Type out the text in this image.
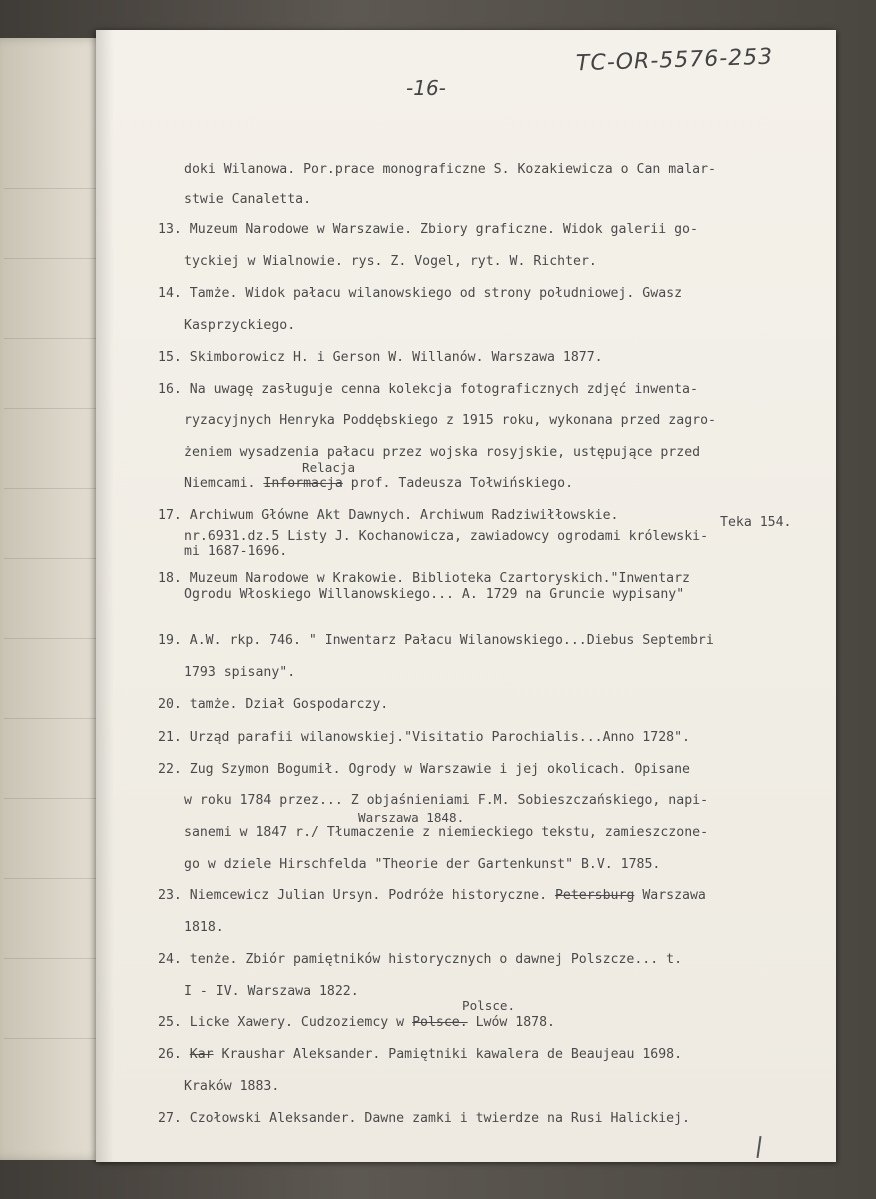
TC-OR-5576-253
-16-
doki Wilanowa. Por.prace monograficzne S. Kozakiewicza o Can malar-
stwie Canaletta.
13. Muzeum Narodowe w Warszawie. Zbiory graficzne. Widok galerii go-
tyckiej w Wialnowie. rys. Z. Vogel, ryt. W. Richter.
14. Tamże. Widok pałacu wilanowskiego od strony południowej. Gwasz
Kasprzyckiego.
15. Skimborowicz H. i Gerson W. Willanów. Warszawa 1877.
16. Na uwagę zasługuje cenna kolekcja fotograficznych zdjęć inwenta-
ryzacyjnych Henryka Poddębskiego z 1915 roku, wykonana przed zagro-
żeniem wysadzenia pałacu przez wojska rosyjskie, ustępujące przed
Relacja
Niemcami. Informacja prof. Tadeusza Tołwińskiego.
17. Archiwum Główne Akt Dawnych. Archiwum Radziwiłłowskie.	Teka 154.
nr.6931.dz.5 Listy J. Kochanowicza, zawiadowcy ogrodami królewski-
mi 1687-1696.
18. Muzeum Narodowe w Krakowie. Biblioteka Czartoryskich."Inwentarz
Ogrodu Włoskiego Willanowskiego... A. 1729 na Gruncie wypisany"
19. A.W. rkp. 746. " Inwentarz Pałacu Wilanowskiego...Diebus Septembri
1793 spisany".
20. tamże. Dział Gospodarczy.
21. Urząd parafii wilanowskiej."Visitatio Parochialis...Anno 1728".
22. Zug Szymon Bogumił. Ogrody w Warszawie i jej okolicach. Opisane
w roku 1784 przez... Z objaśnieniami F.M. Sobieszczańskiego, napi-
Warszawa 1848.
sanemi w 1847 r./ Tłumaczenie z niemieckiego tekstu, zamieszczone-
go w dziele Hirschfelda "Theorie der Gartenkunst" B.V. 1785.
23. Niemcewicz Julian Ursyn. Podróże historyczne. Petersburg Warszawa
1818.
24. tenże. Zbiór pamiętników historycznych o dawnej Polszcze... t.
I - IV. Warszawa 1822.
Polsce.
25. Licke Xawery. Cudzoziemcy w Polsce. Lwów 1878.
26. Kar Kraushar Aleksander. Pamiętniki kawalera de Beaujeau 1698.
Kraków 1883.
27. Czołowski Aleksander. Dawne zamki i twierdze na Rusi Halickiej.
